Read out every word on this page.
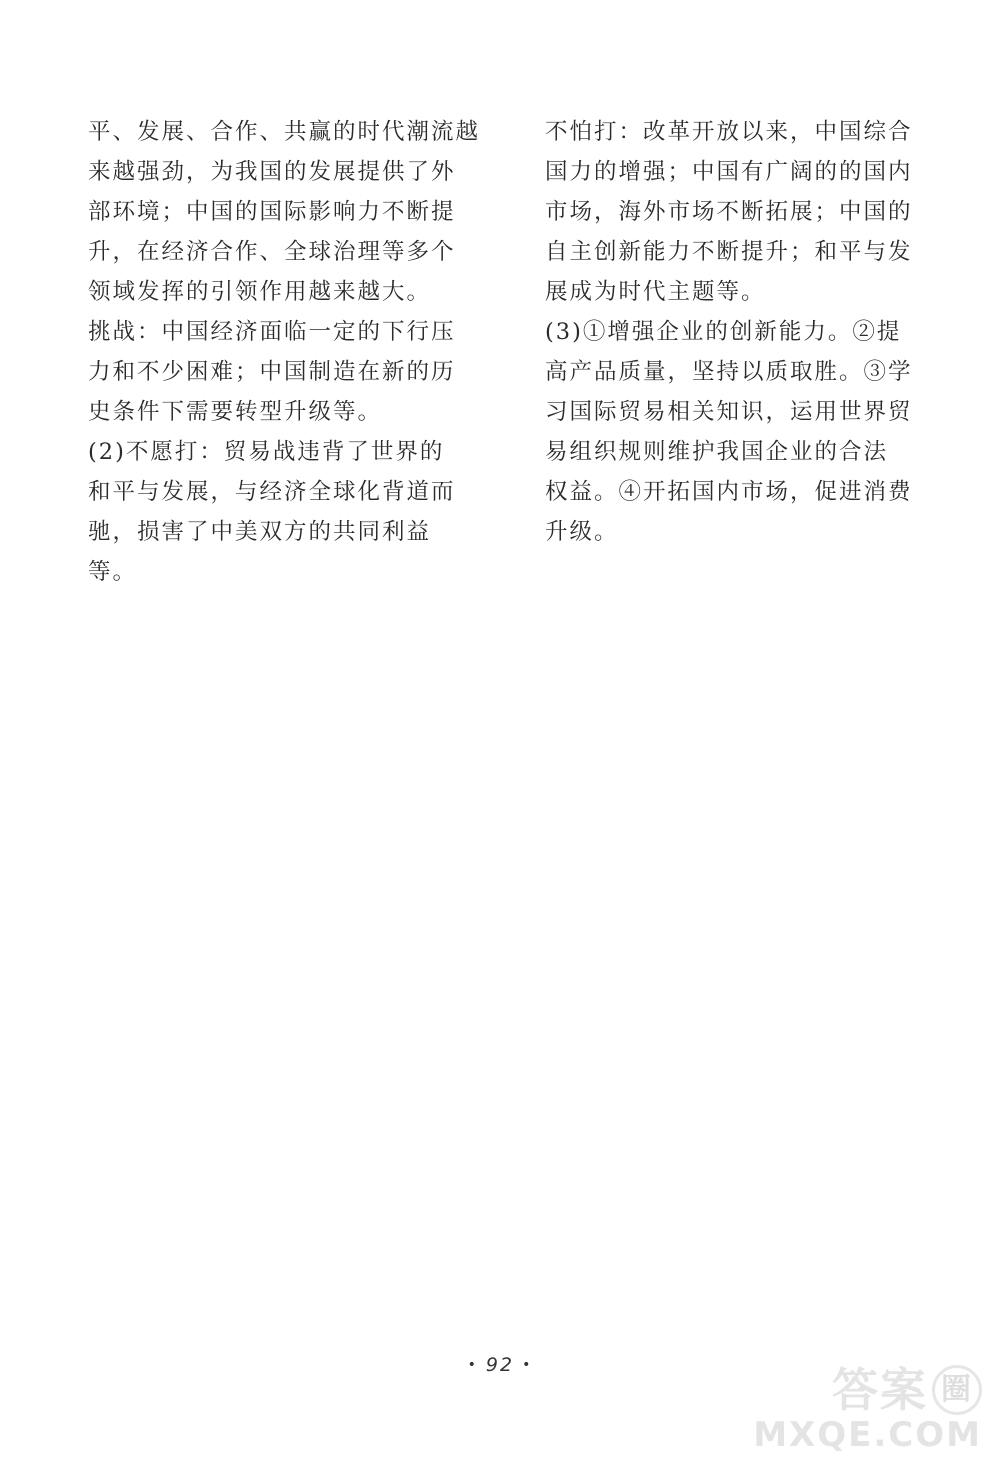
平、发展、合作、共赢的时代潮流越
来越强劲，为我国的发展提供了外
部环境；中国的国际影响力不断提
升，在经济合作、全球治理等多个
领域发挥的引领作用越来越大。
挑战：中国经济面临一定的下行压
力和不少困难；中国制造在新的历
史条件下需要转型升级等。
(2)不愿打：贸易战违背了世界的
和平与发展，与经济全球化背道而
驰，损害了中美双方的共同利益
等。
不怕打：改革开放以来，中国综合
国力的增强；中国有广阔的的国内
市场，海外市场不断拓展；中国的
自主创新能力不断提升；和平与发
展成为时代主题等。
(3)①增强企业的创新能力。②提
高产品质量，坚持以质取胜。③学
习国际贸易相关知识，运用世界贸
易组织规则维护我国企业的合法
权益。④开拓国内市场，促进消费
升级。
• 92 •	答案 圈
MXQE.COM
